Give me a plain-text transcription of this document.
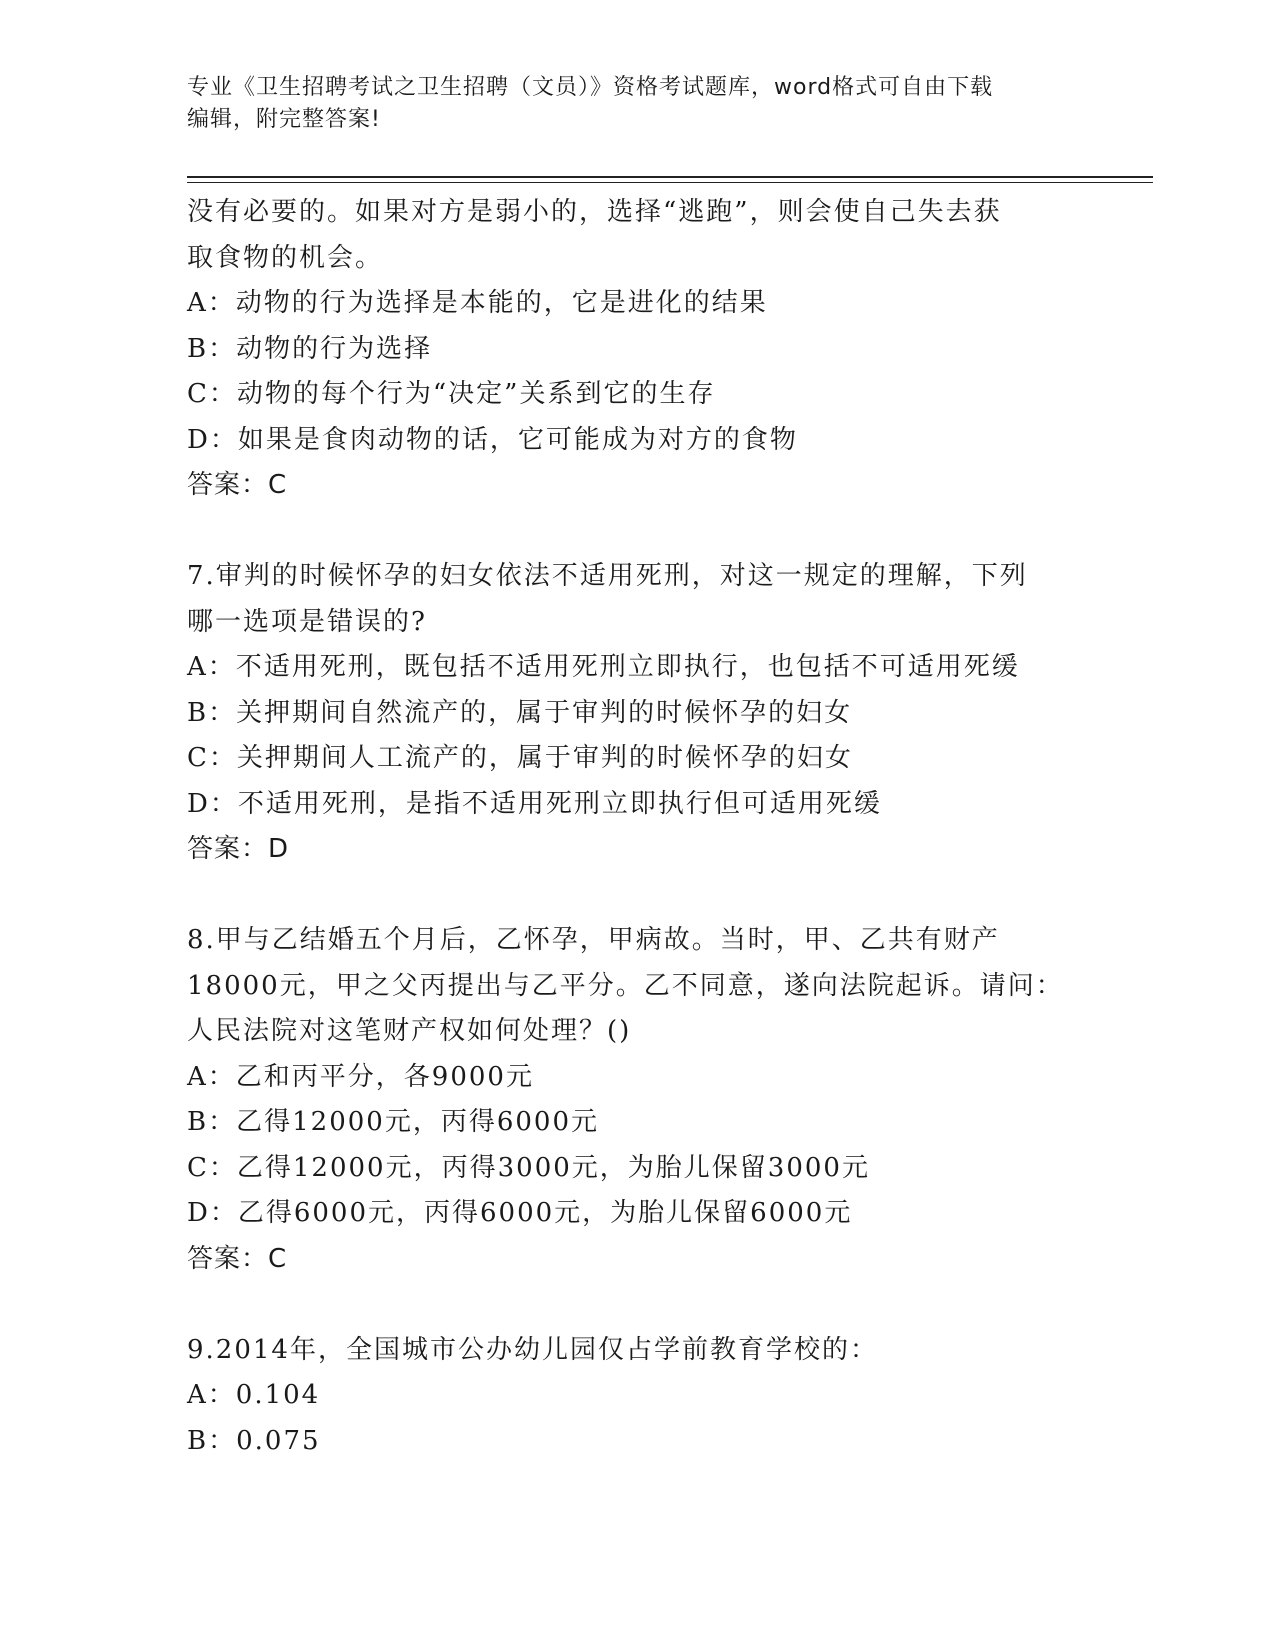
专业《卫生招聘考试之卫生招聘（文员）》资格考试题库，word格式可自由下载
编辑，附完整答案!
没有必要的。如果对方是弱小的，选择“逃跑”，则会使自己失去获
取食物的机会。
A：动物的行为选择是本能的，它是进化的结果
B：动物的行为选择
C：动物的每个行为“决定”关系到它的生存
D：如果是食肉动物的话，它可能成为对方的食物
答案：C
7.审判的时候怀孕的妇女依法不适用死刑，对这一规定的理解，下列
哪一选项是错误的?
A：不适用死刑，既包括不适用死刑立即执行，也包括不可适用死缓
B：关押期间自然流产的，属于审判的时候怀孕的妇女
C：关押期间人工流产的，属于审判的时候怀孕的妇女
D：不适用死刑，是指不适用死刑立即执行但可适用死缓
答案：D
8.甲与乙结婚五个月后，乙怀孕，甲病故。当时，甲、乙共有财产
18000元，甲之父丙提出与乙平分。乙不同意，遂向法院起诉。请问：
人民法院对这笔财产权如何处理？()
A：乙和丙平分，各9000元
B：乙得12000元，丙得6000元
C：乙得12000元，丙得3000元，为胎儿保留3000元
D：乙得6000元，丙得6000元，为胎儿保留6000元
答案：C
9.2014年，全国城市公办幼儿园仅占学前教育学校的：
A：0.104
B：0.075
